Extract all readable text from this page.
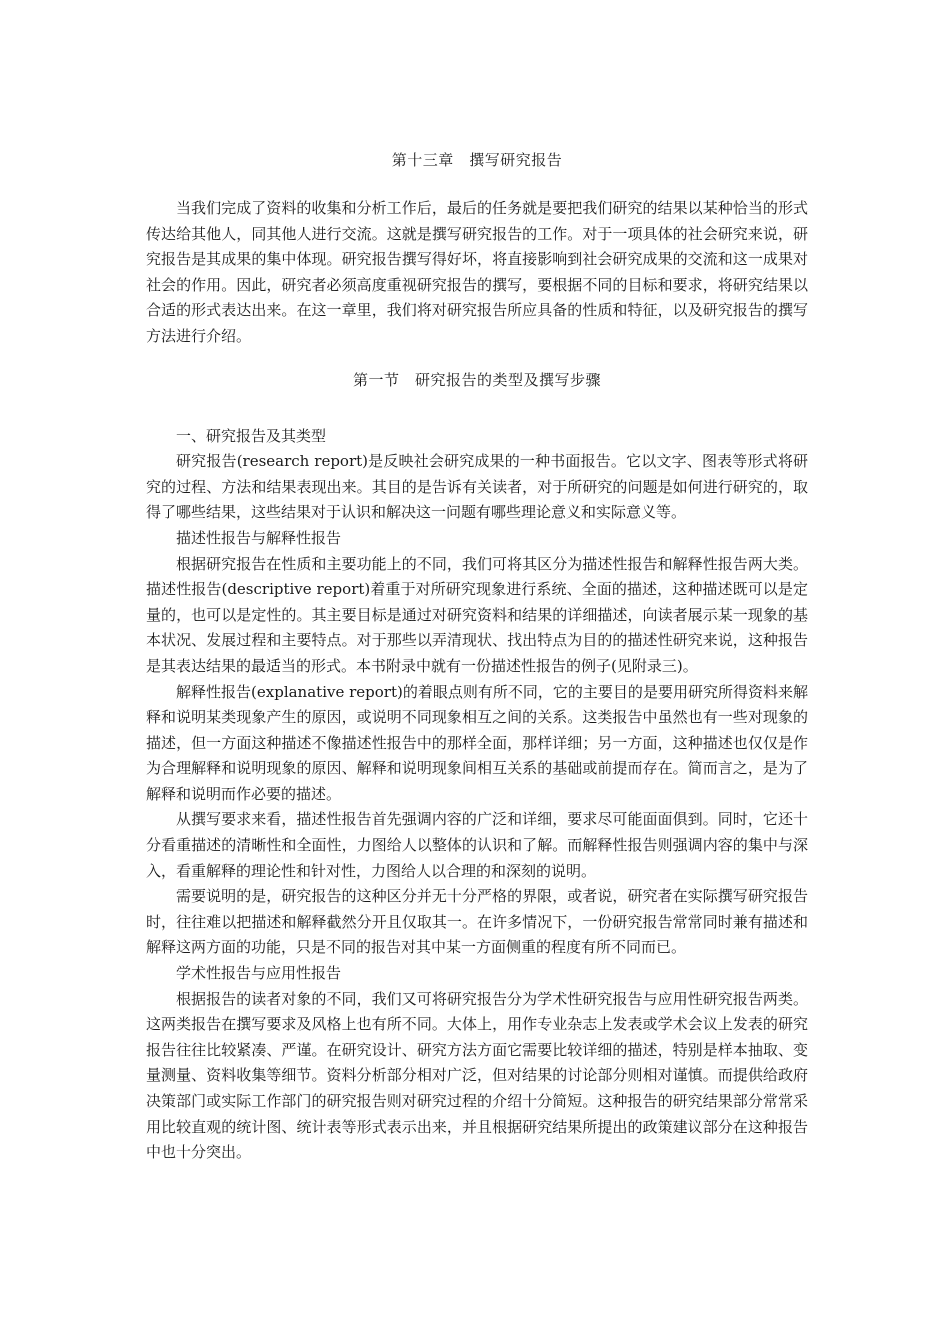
第十三章　撰写研究报告

当我们完成了资料的收集和分析工作后，最后的任务就是要把我们研究的结果以某种恰当的形式传达给其他人，同其他人进行交流。这就是撰写研究报告的工作。对于一项具体的社会研究来说，研究报告是其成果的集中体现。研究报告撰写得好坏，将直接影响到社会研究成果的交流和这一成果对社会的作用。因此，研究者必须高度重视研究报告的撰写，要根据不同的目标和要求，将研究结果以合适的形式表达出来。在这一章里，我们将对研究报告所应具备的性质和特征，以及研究报告的撰写方法进行介绍。

第一节　研究报告的类型及撰写步骤

一、研究报告及其类型

研究报告(research report)是反映社会研究成果的一种书面报告。它以文字、图表等形式将研究的过程、方法和结果表现出来。其目的是告诉有关读者，对于所研究的问题是如何进行研究的，取得了哪些结果，这些结果对于认识和解决这一问题有哪些理论意义和实际意义等。

描述性报告与解释性报告

根据研究报告在性质和主要功能上的不同，我们可将其区分为描述性报告和解释性报告两大类。描述性报告(descriptive report)着重于对所研究现象进行系统、全面的描述，这种描述既可以是定量的，也可以是定性的。其主要目标是通过对研究资料和结果的详细描述，向读者展示某一现象的基本状况、发展过程和主要特点。对于那些以弄清现状、找出特点为目的的描述性研究来说，这种报告是其表达结果的最适当的形式。本书附录中就有一份描述性报告的例子(见附录三)。

解释性报告(explanative report)的着眼点则有所不同，它的主要目的是要用研究所得资料来解释和说明某类现象产生的原因，或说明不同现象相互之间的关系。这类报告中虽然也有一些对现象的描述，但一方面这种描述不像描述性报告中的那样全面，那样详细；另一方面，这种描述也仅仅是作为合理解释和说明现象的原因、解释和说明现象间相互关系的基础或前提而存在。简而言之，是为了解释和说明而作必要的描述。

从撰写要求来看，描述性报告首先强调内容的广泛和详细，要求尽可能面面俱到。同时，它还十分看重描述的清晰性和全面性，力图给人以整体的认识和了解。而解释性报告则强调内容的集中与深入，看重解释的理论性和针对性，力图给人以合理的和深刻的说明。

需要说明的是，研究报告的这种区分并无十分严格的界限，或者说，研究者在实际撰写研究报告时，往往难以把描述和解释截然分开且仅取其一。在许多情况下，一份研究报告常常同时兼有描述和解释这两方面的功能，只是不同的报告对其中某一方面侧重的程度有所不同而已。

学术性报告与应用性报告

根据报告的读者对象的不同，我们又可将研究报告分为学术性研究报告与应用性研究报告两类。这两类报告在撰写要求及风格上也有所不同。大体上，用作专业杂志上发表或学术会议上发表的研究报告往往比较紧凑、严谨。在研究设计、研究方法方面它需要比较详细的描述，特别是样本抽取、变量测量、资料收集等细节。资料分析部分相对广泛，但对结果的讨论部分则相对谨慎。而提供给政府决策部门或实际工作部门的研究报告则对研究过程的介绍十分简短。这种报告的研究结果部分常常采用比较直观的统计图、统计表等形式表示出来，并且根据研究结果所提出的政策建议部分在这种报告中也十分突出。
